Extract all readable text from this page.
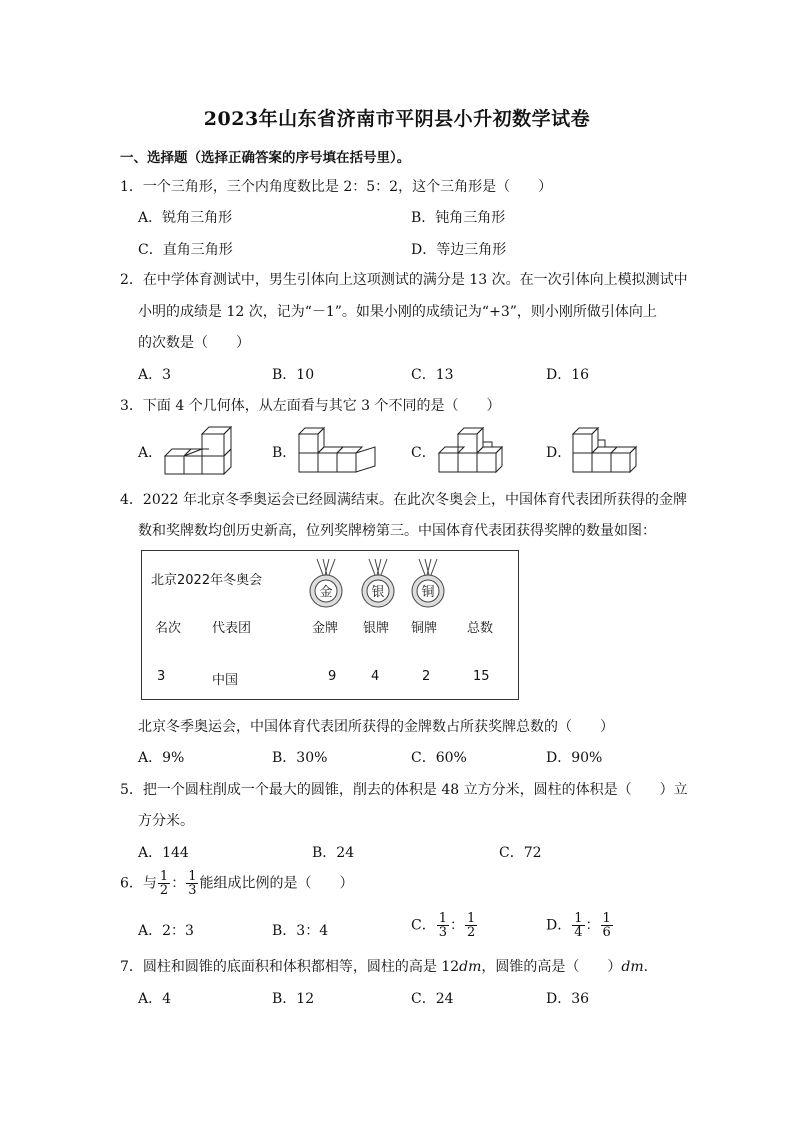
2023年山东省济南市平阴县小升初数学试卷
一、选择题（选择正确答案的序号填在括号里）。
1．一个三角形，三个内角度数比是 2：5：2，这个三角形是（　　）
A．锐角三角形	B．钝角三角形
C．直角三角形	D．等边三角形
2．在中学体育测试中，男生引体向上这项测试的满分是 13 次。在一次引体向上模拟测试中
小明的成绩是 12 次，记为“－1”。如果小刚的成绩记为“+3”，则小刚所做引体向上
的次数是（　　）
A．3	B．10	C．13	D．16
3．下面 4 个几何体，从左面看与其它 3 个不同的是（　　）
A．	B．	C．	D．
4．2022 年北京冬季奥运会已经圆满结束。在此次冬奥会上，中国体育代表团所获得的金牌
数和奖牌数均创历史新高，位列奖牌榜第三。中国体育代表团获得奖牌的数量如图：
北京2022年冬奥会
金	银	铜
名次 代表团	金牌 银牌 铜牌 总数
3	中国	9	4	2	15
北京冬季奥运会，中国体育代表团所获得的金牌数占所获奖牌总数的（　　）
A．9%	B．30%	C．60%	D．90%
5．把一个圆柱削成一个最大的圆锥，削去的体积是 48 立方分米，圆柱的体积是（　　）立
方分米。
A．144	B．24	C．72
6．与 $\frac{1}{2}$ ： $\frac{1}{3}$ 能组成比例的是（　　）
A．2：3	B．3：4	C． $\frac{1}{3}$ ： $\frac{1}{2}$	D． $\frac{1}{4}$ ： $\frac{1}{6}$
7．圆柱和圆锥的底面积和体积都相等，圆柱的高是 12dm，圆锥的高是（　　）dm.
A．4	B．12	C．24	D．36
